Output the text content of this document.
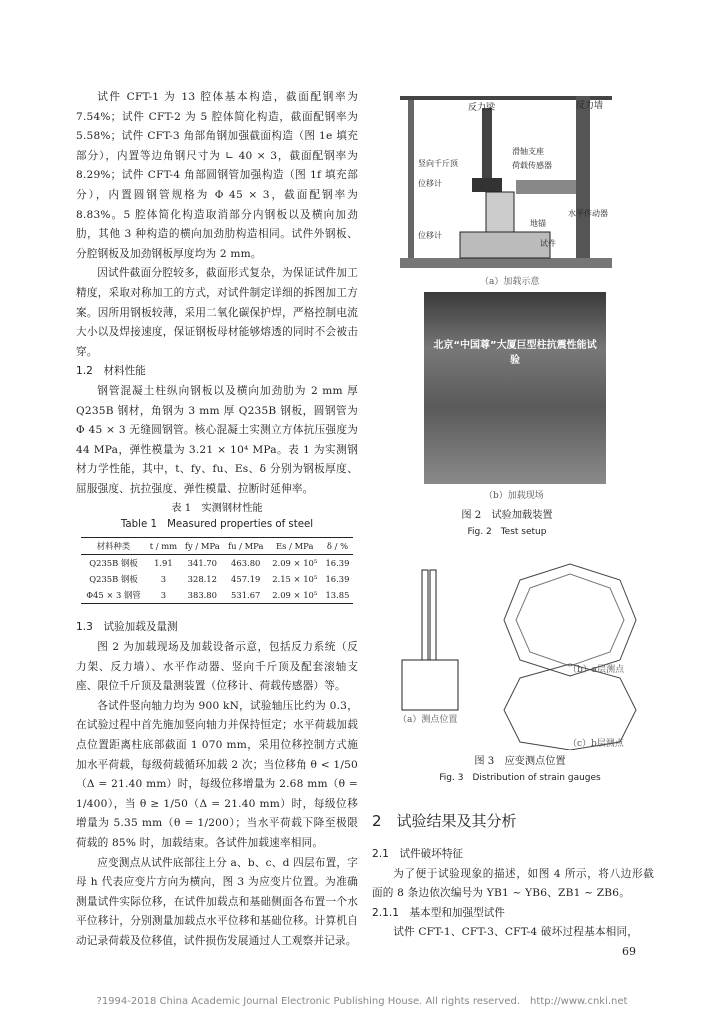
试件 CFT-1 为 13 腔体基本构造，截面配钢率为 7.54%；试件 CFT-2 为 5 腔体简化构造，截面配钢率为 5.58%；试件 CFT-3 角部角钢加强截面构造（图 1e 填充部分），内置等边角钢尺寸为 ∟ 40 × 3，截面配钢率为 8.29%；试件 CFT-4 角部圆钢管加强构造（图 1f 填充部分），内置圆钢管规格为 Φ 45 × 3，截面配钢率为 8.83%。5 腔体简化构造取消部分内钢板以及横向加劲肋，其他 3 种构造的横向加劲肋构造相同。试件外钢板、分腔钢板及加劲钢板厚度均为 2 mm。

因试件截面分腔较多，截面形式复杂，为保证试件加工精度，采取对称加工的方式，对试件制定详细的拆图加工方案。因所用钢板较薄，采用二氧化碳保护焊，严格控制电流大小以及焊接速度，保证钢板母材能够熔透的同时不会被击穿。

1.2　材料性能

钢管混凝土柱纵向钢板以及横向加劲肋为 2 mm 厚 Q235B 钢材，角钢为 3 mm 厚 Q235B 钢板，圆钢管为 Φ 45 × 3 无缝圆钢管。核心混凝土实测立方体抗压强度为 44 MPa，弹性模量为 3.21 × 10⁴ MPa。表 1 为实测钢材力学性能，其中，t、fy、fu、Es、δ 分别为钢板厚度、屈服强度、抗拉强度、弹性模量、拉断时延伸率。

表 1　实测钢材性能

Table 1　Measured properties of steel

材料种类	t / mm	fy / MPa	fu / MPa	Es / MPa	δ / %
Q235B 钢板	1.91	341.70	463.80	2.09 × 10⁵	16.39
Q235B 钢板	3	328.12	457.19	2.15 × 10⁵	16.39
Φ45 × 3 钢管	3	383.80	531.67	2.09 × 10⁵	13.85

1.3　试验加载及量测

图 2 为加载现场及加载设备示意，包括反力系统（反力架、反力墙）、水平作动器、竖向千斤顶及配套滚轴支座、限位千斤顶及量测装置（位移计、荷载传感器）等。

各试件竖向轴力均为 900 kN，试验轴压比约为 0.3，在试验过程中首先施加竖向轴力并保持恒定；水平荷载加载点位置距离柱底部截面 1 070 mm，采用位移控制方式施加水平荷载，每级荷载循环加载 2 次；当位移角 θ < 1/50（Δ = 21.40 mm）时，每级位移增量为 2.68 mm（θ = 1/400），当 θ ≥ 1/50（Δ = 21.40 mm）时，每级位移增量为 5.35 mm（θ = 1/200）；当水平荷载下降至极限荷载的 85% 时，加载结束。各试件加载速率相同。

应变测点从试件底部往上分 a、b、c、d 四层布置，字母 h 代表应变片方向为横向，图 3 为应变片位置。为准确测量试件实际位移，在试件加载点和基础侧面各布置一个水平位移计，分别测量加载点水平位移和基础位移。计算机自动记录荷载及位移值，试件损伤发展通过人工观察并记录。

反力梁	反力墙
滑轴支座
荷载传感器
竖向千斤顶
位移计
水平作动器
地锚
位移计
试件
（a）加载示意
北京“中国尊”大厦巨型柱抗震性能试验
（b）加载现场
图 2　试验加载装置
Fig. 2　Test setup
（a）测点位置
（b）a层测点
（c）b层测点
图 3　应变测点位置
Fig. 3　Distribution of strain gauges

2　试验结果及其分析

2.1　试件破坏特征

为了便于试验现象的描述，如图 4 所示，将八边形截面的 8 条边依次编号为 YB1 ~ YB6、ZB1 ~ ZB6。

2.1.1　基本型和加强型试件

试件 CFT-1、CFT-3、CFT-4 破坏过程基本相同，

69
?1994-2018 China Academic Journal Electronic Publishing House. All rights reserved.　http://www.cnki.net
